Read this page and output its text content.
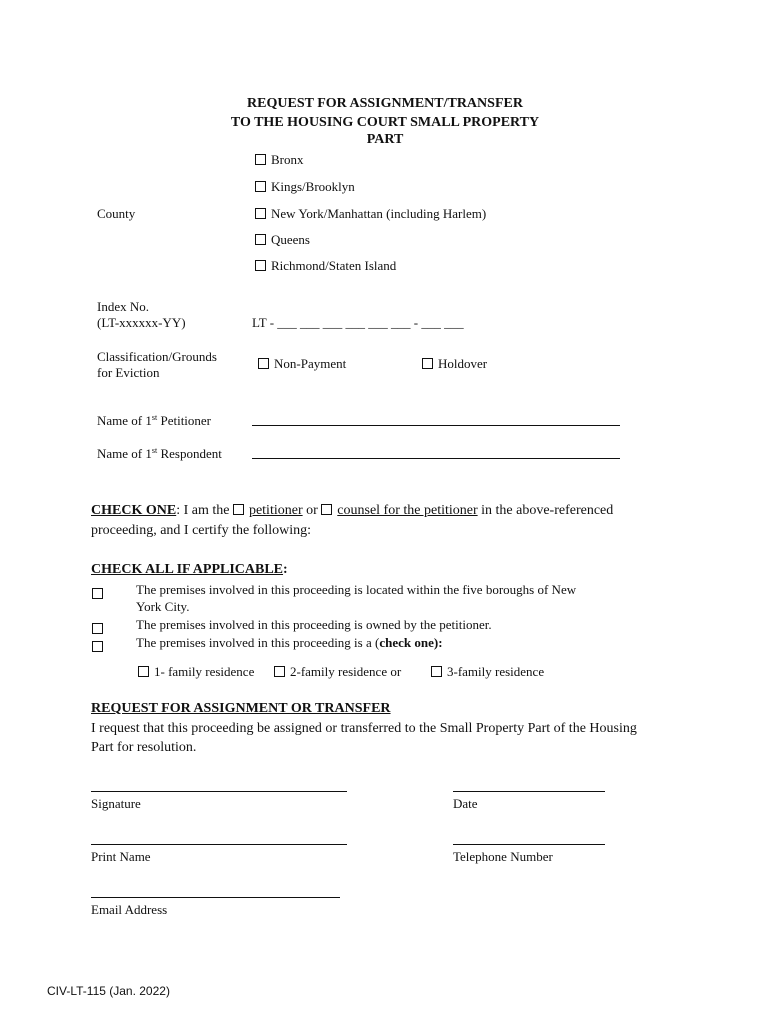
REQUEST FOR ASSIGNMENT/TRANSFER
TO THE HOUSING COURT SMALL PROPERTY
PART
County
Bronx
Kings/Brooklyn
New York/Manhattan (including Harlem)
Queens
Richmond/Staten Island
Index No.
(LT-xxxxxx-YY)	LT - ___ ___ ___ ___ ___ ___ - ___ ___
Classification/Grounds
for Eviction
Non-Payment	Holdover
Name of 1st Petitioner
Name of 1st Respondent
CHECK ONE: I am the petitioner or counsel for the petitioner in the above-referenced
proceeding, and I certify the following:
CHECK ALL IF APPLICABLE:
The premises involved in this proceeding is located within the five boroughs of New
York City.
The premises involved in this proceeding is owned by the petitioner.
The premises involved in this proceeding is a (check one):
1- family residence	2-family residence or	3-family residence
REQUEST FOR ASSIGNMENT OR TRANSFER
I request that this proceeding be assigned or transferred to the Small Property Part of the Housing
Part for resolution.
Signature	Date
Print Name	Telephone Number
Email Address
CIV-LT-115 (Jan. 2022)
